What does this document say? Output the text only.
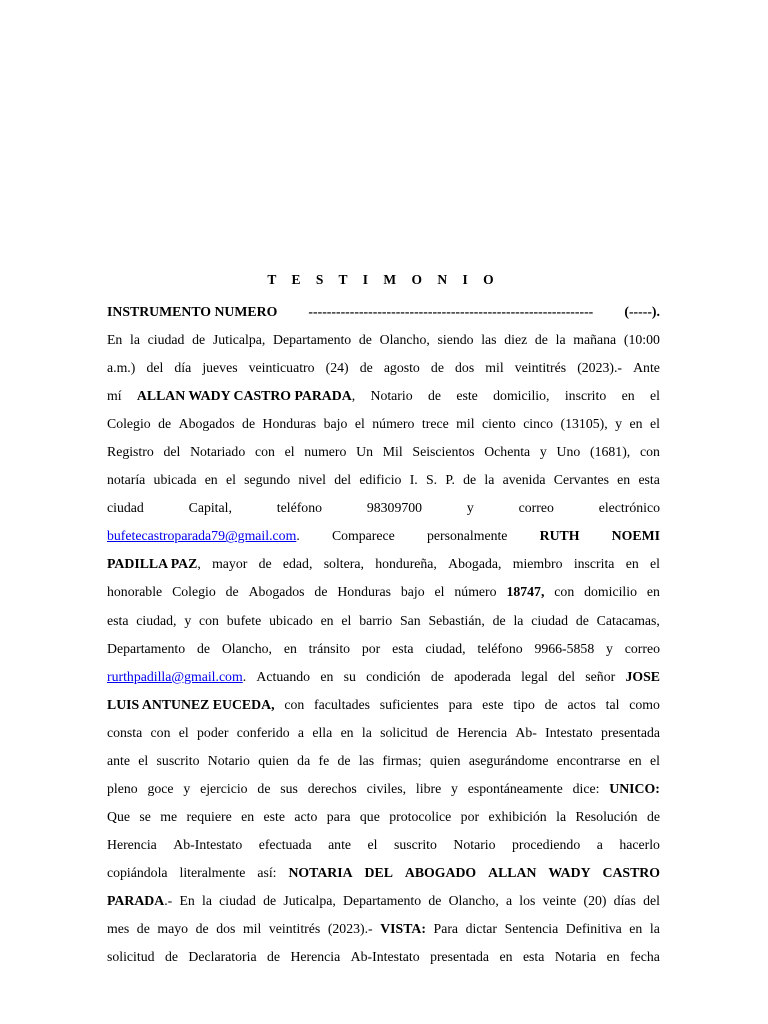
T E S T I M O N I O
INSTRUMENTO NUMERO -------------------------------------------------------------- (-----).
En la ciudad de Juticalpa, Departamento de Olancho, siendo las diez de la mañana (10:00
a.m.) del día jueves veinticuatro (24) de agosto de dos mil veintitrés (2023).- Ante
mí ALLAN WADY CASTRO PARADA, Notario de este domicilio, inscrito en el
Colegio de Abogados de Honduras bajo el número trece mil ciento cinco (13105), y en el
Registro del Notariado con el numero Un Mil Seiscientos Ochenta y Uno (1681), con
notaría ubicada en el segundo nivel del edificio I. S. P. de la avenida Cervantes en esta
ciudad	Capital,	teléfono	98309700	y	correo	electrónico
bufetecastroparada79@gmail.com. Comparece personalmente RUTH NOEMI
PADILLA PAZ, mayor de edad, soltera, hondureña, Abogada, miembro inscrita en el
honorable Colegio de Abogados de Honduras bajo el número 18747, con domicilio en
esta ciudad, y con bufete ubicado en el barrio San Sebastián, de la ciudad de Catacamas,
Departamento de Olancho, en tránsito por esta ciudad, teléfono 9966-5858 y correo
rurthpadilla@gmail.com. Actuando en su condición de apoderada legal del señor JOSE
LUIS ANTUNEZ EUCEDA, con facultades suficientes para este tipo de actos tal como
consta con el poder conferido a ella en la solicitud de Herencia Ab- Intestato presentada
ante el suscrito Notario quien da fe de las firmas; quien asegurándome encontrarse en el
pleno goce y ejercicio de sus derechos civiles, libre y espontáneamente dice: UNICO:
Que se me requiere en este acto para que protocolice por exhibición la Resolución de
Herencia Ab-Intestato efectuada ante el suscrito Notario procediendo a hacerlo
copiándola literalmente así: NOTARIA DEL ABOGADO ALLAN WADY CASTRO
PARADA.- En la ciudad de Juticalpa, Departamento de Olancho, a los veinte (20) días del
mes de mayo de dos mil veintitrés (2023).- VISTA: Para dictar Sentencia Definitiva en la
solicitud de Declaratoria de Herencia Ab-Intestato presentada en esta Notaria en fecha
